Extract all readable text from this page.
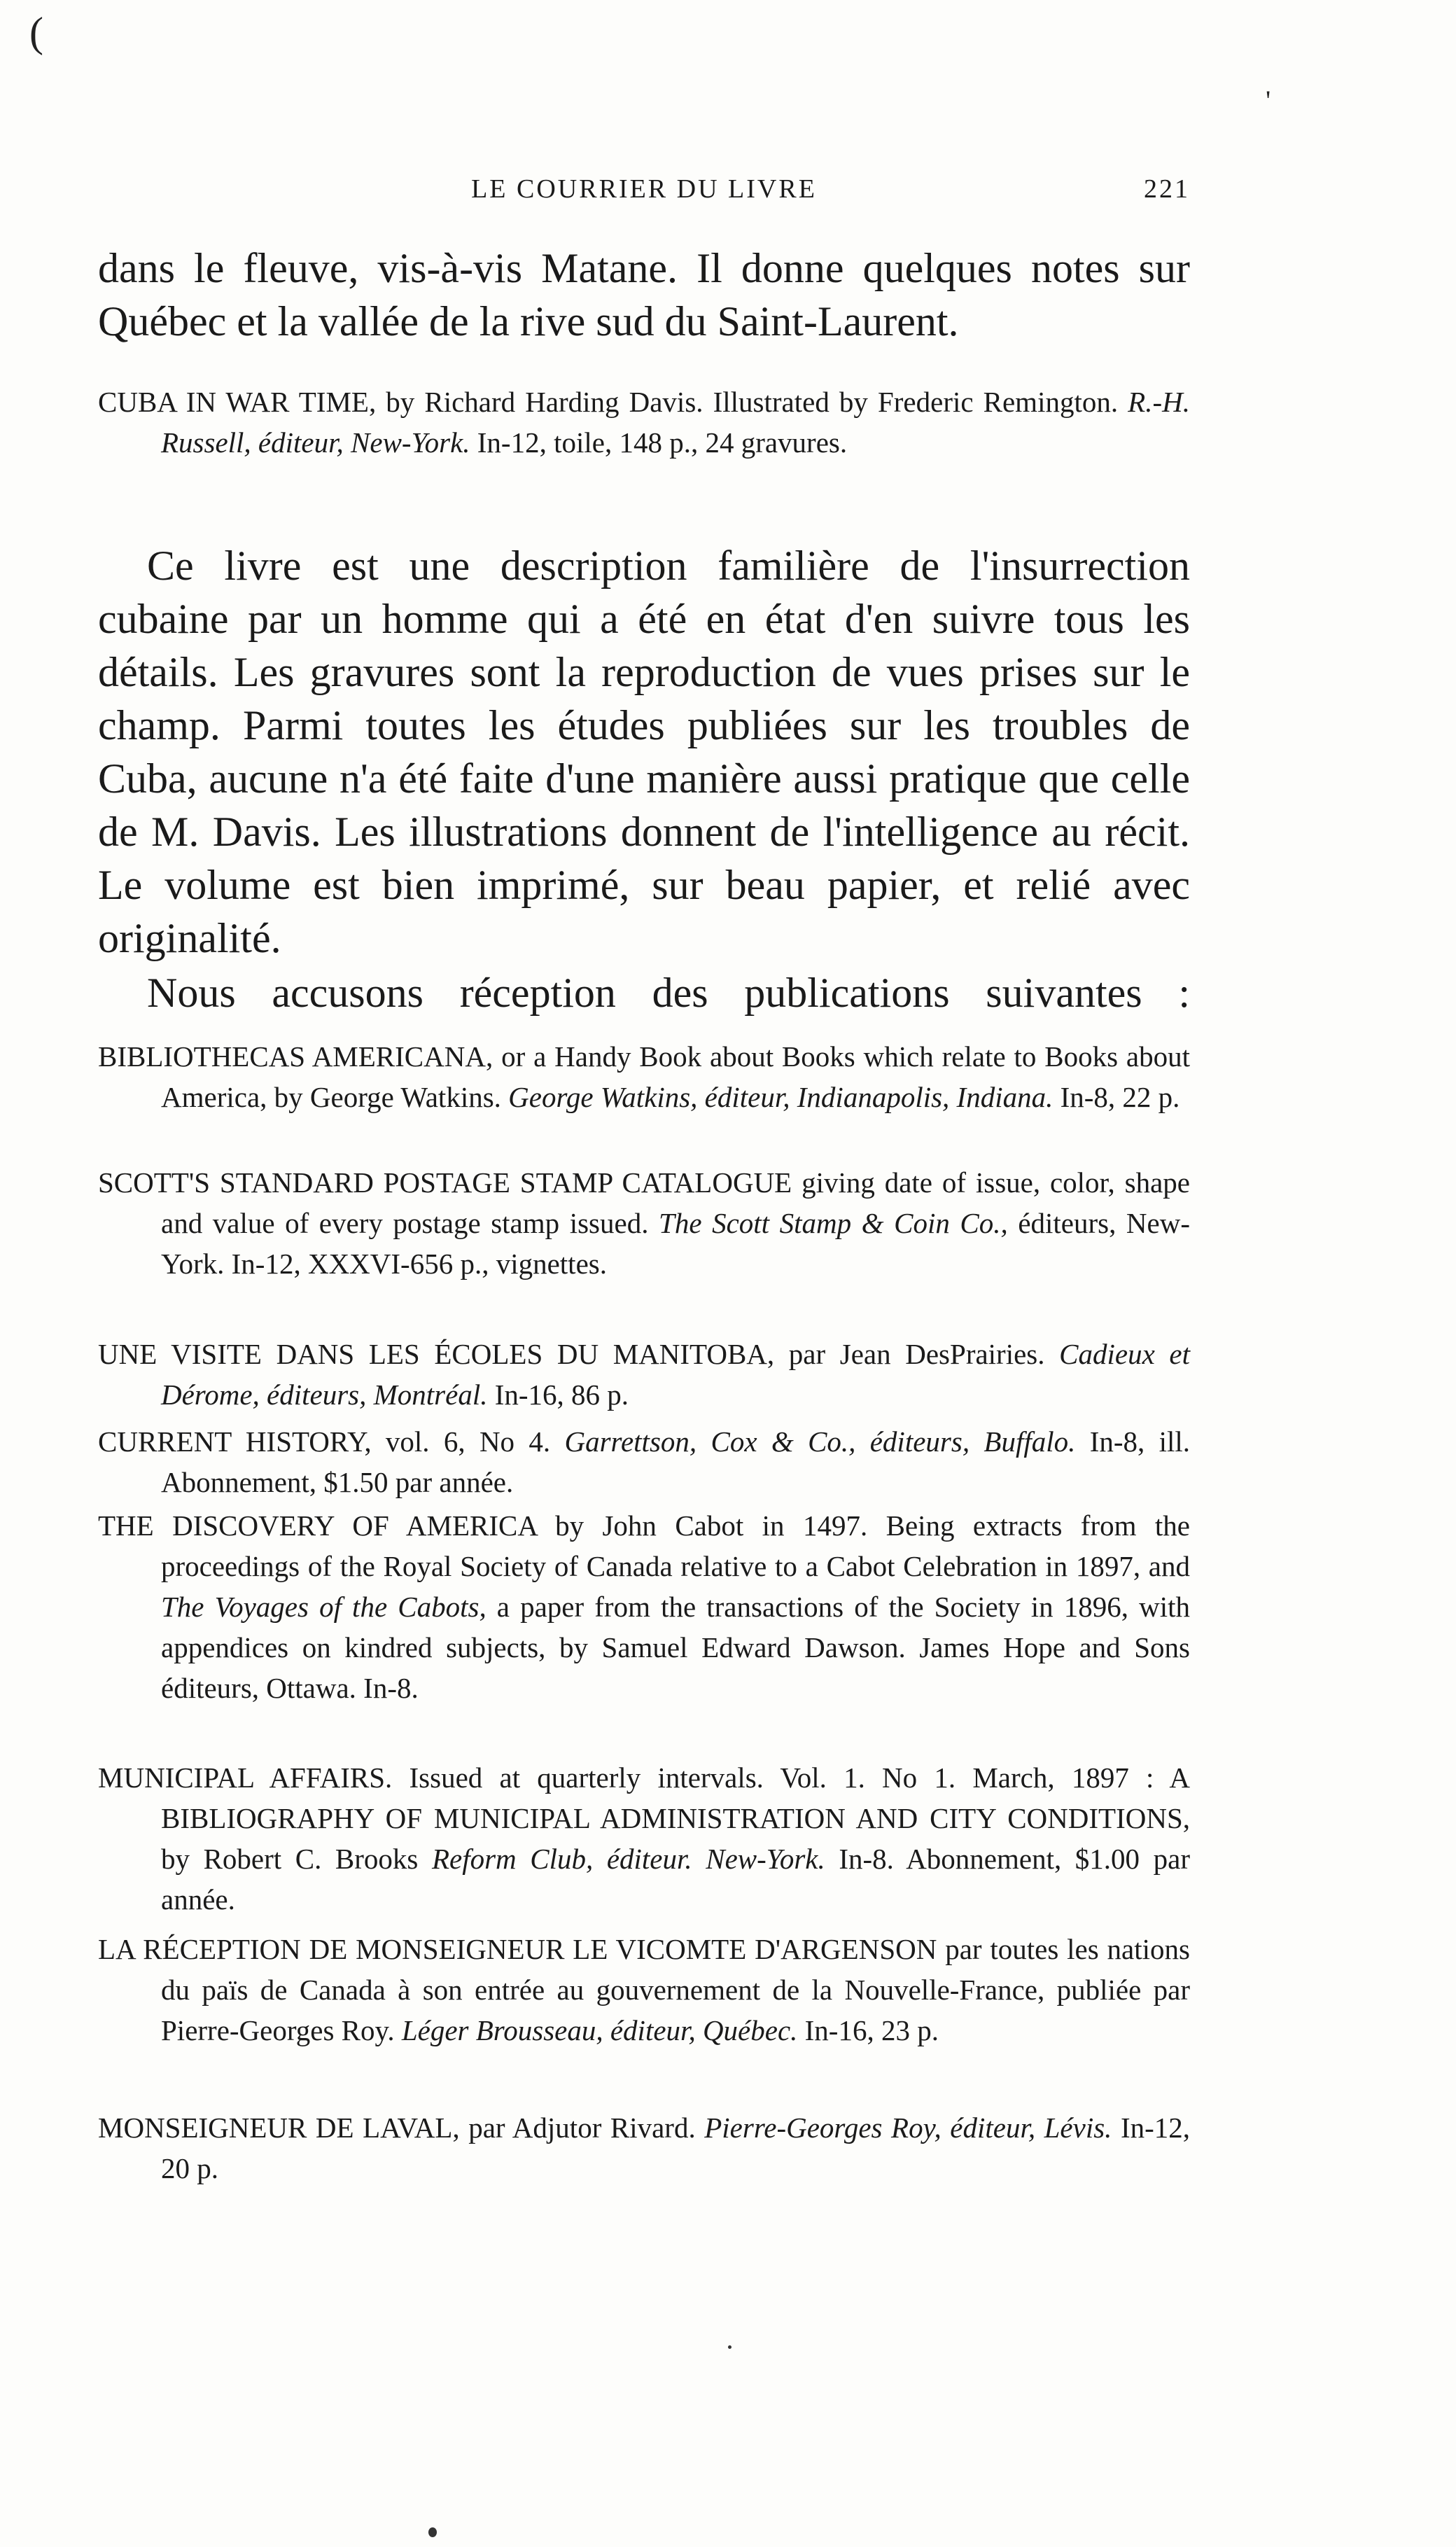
(
'
LE COURRIER DU LIVRE	221

dans le fleuve, vis-à-vis Matane. Il donne quelques notes sur Québec et la vallée de la rive sud du Saint-Laurent.

CUBA IN WAR TIME, by Richard Harding Davis. Illustrated by Frederic Remington. R.-H. Russell, éditeur, New-York. In-12, toile, 148 p., 24 gravures.

Ce livre est une description familière de l'insurrection cubaine par un homme qui a été en état d'en suivre tous les détails. Les gravures sont la reproduction de vues prises sur le champ. Parmi toutes les études publiées sur les troubles de Cuba, aucune n'a été faite d'une manière aussi pratique que celle de M. Davis. Les illustrations donnent de l'intelligence au récit. Le volume est bien imprimé, sur beau papier, et relié avec originalité.

Nous accusons réception des publications suivantes :

BIBLIOTHECAS AMERICANA, or a Handy Book about Books which relate to Books about America, by George Watkins. George Watkins, éditeur, Indianapolis, Indiana. In-8, 22 p.
SCOTT'S STANDARD POSTAGE STAMP CATALOGUE giving date of issue, color, shape and value of every postage stamp issued. The Scott Stamp & Coin Co., éditeurs, New-York. In-12, XXXVI-656 p., vignettes.
UNE VISITE DANS LES ÉCOLES DU MANITOBA, par Jean DesPrairies. Cadieux et Dérome, éditeurs, Montréal. In-16, 86 p.
CURRENT HISTORY, vol. 6, No 4. Garrettson, Cox & Co., éditeurs, Buffalo. In-8, ill. Abonnement, $1.50 par année.
THE DISCOVERY OF AMERICA by John Cabot in 1497. Being extracts from the proceedings of the Royal Society of Canada relative to a Cabot Celebration in 1897, and The Voyages of the Cabots, a paper from the transactions of the Society in 1896, with appendices on kindred subjects, by Samuel Edward Dawson. James Hope and Sons éditeurs, Ottawa. In-8.
MUNICIPAL AFFAIRS. Issued at quarterly intervals. Vol. 1. No 1. March, 1897 : A BIBLIOGRAPHY OF MUNICIPAL ADMINISTRATION AND CITY CONDITIONS, by Robert C. Brooks Reform Club, éditeur. New-York. In-8. Abonnement, $1.00 par année.
LA RÉCEPTION DE MONSEIGNEUR LE VICOMTE D'ARGENSON par toutes les nations du païs de Canada à son entrée au gouvernement de la Nouvelle-France, publiée par Pierre-Georges Roy. Léger Brousseau, éditeur, Québec. In-16, 23 p.
MONSEIGNEUR DE LAVAL, par Adjutor Rivard. Pierre-Georges Roy, éditeur, Lévis. In-12, 20 p.
